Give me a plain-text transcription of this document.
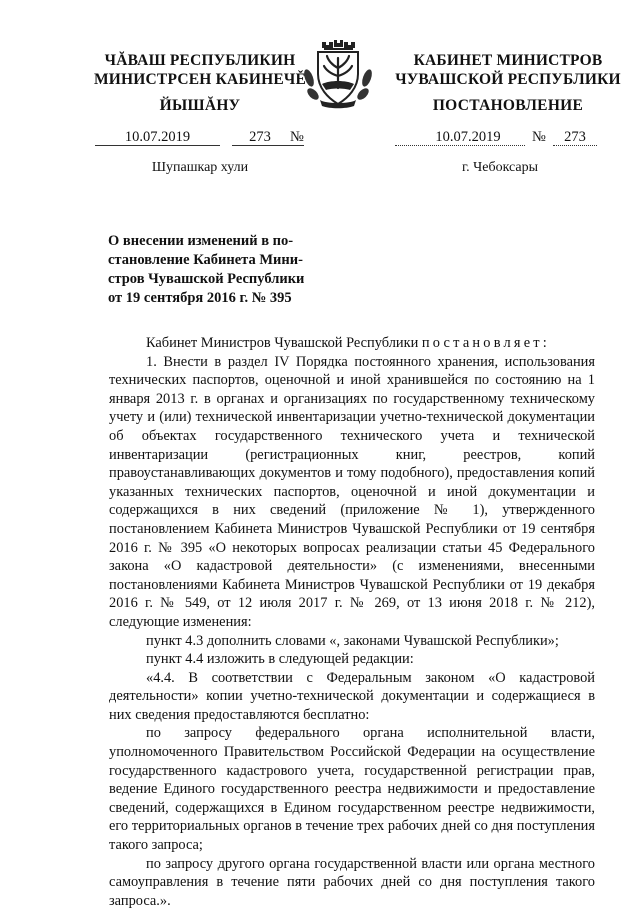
ЧĂВАШ РЕСПУБЛИКИН
МИНИСТРСЕН КАБИНЕЧĚ
КАБИНЕТ МИНИСТРОВ
ЧУВАШСКОЙ РЕСПУБЛИКИ
ЙЫШĂНУ	ПОСТАНОВЛЕНИЕ
10.07.2019	273	№	10.07.2019	№	273
Шупашкар хули	г. Чебоксары
О внесении изменений в по-
становление Кабинета Мини-
стров Чувашской Республики
от 19 сентября 2016 г. № 395

Кабинет Министров Чувашской Республики постановляет:

1. Внести в раздел IV Порядка постоянного хранения, использования технических паспортов, оценочной и иной хранившейся по состоянию на 1 января 2013 г. в органах и организациях по государственному техническому учету и (или) технической инвентаризации учетно-технической документации об объектах государственного технического учета и технической инвентаризации (регистрационных книг, реестров, копий правоустанавливающих документов и тому подобного), предоставления копий указанных технических паспортов, оценочной и иной документации и содержащихся в них сведений (приложение № 1), утвержденного постановлением Кабинета Министров Чувашской Республики от 19 сентября 2016 г. № 395 «О некоторых вопросах реализации статьи 45 Федерального закона «О кадастровой деятельности» (с изменениями, внесенными постановлениями Кабинета Министров Чувашской Республики от 19 декабря 2016 г. № 549, от 12 июля 2017 г. № 269, от 13 июня 2018 г. № 212), следующие изменения:

пункт 4.3 дополнить словами «, законами Чувашской Республики»;

пункт 4.4 изложить в следующей редакции:

«4.4. В соответствии с Федеральным законом «О кадастровой деятельности» копии учетно-технической документации и содержащиеся в них сведения предоставляются бесплатно:

по запросу федерального органа исполнительной власти, уполномоченного Правительством Российской Федерации на осуществление государственного кадастрового учета, государственной регистрации прав, ведение Единого государственного реестра недвижимости и предоставление сведений, содержащихся в Едином государственном реестре недвижимости, его территориальных органов в течение трех рабочих дней со дня поступления такого запроса;

по запросу другого органа государственной власти или органа местного самоуправления в течение пяти рабочих дней со дня поступления такого запроса.».
